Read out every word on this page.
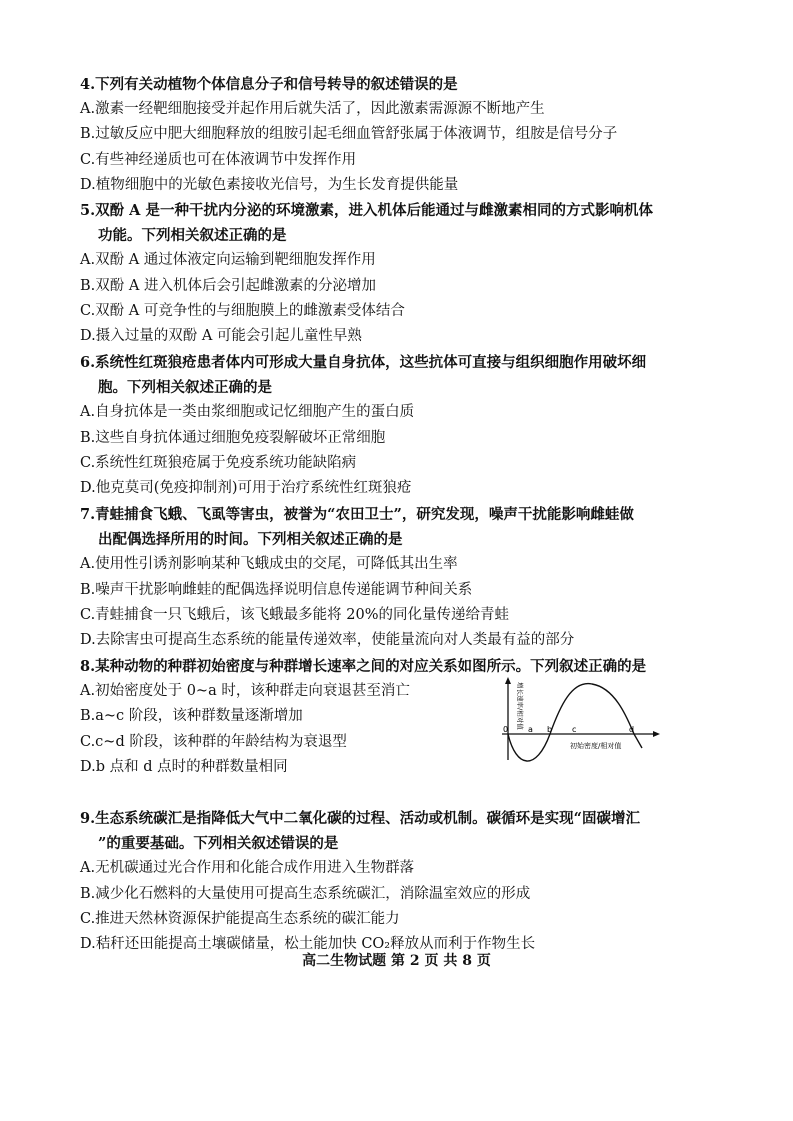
4.下列有关动植物个体信息分子和信号转导的叙述错误的是
A.激素一经靶细胞接受并起作用后就失活了，因此激素需源源不断地产生
B.过敏反应中肥大细胞释放的组胺引起毛细血管舒张属于体液调节，组胺是信号分子
C.有些神经递质也可在体液调节中发挥作用
D.植物细胞中的光敏色素接收光信号，为生长发育提供能量
5.双酚 A 是一种干扰内分泌的环境激素，进入机体后能通过与雌激素相同的方式影响机体
功能。下列相关叙述正确的是
A.双酚 A 通过体液定向运输到靶细胞发挥作用
B.双酚 A 进入机体后会引起雌激素的分泌增加
C.双酚 A 可竞争性的与细胞膜上的雌激素受体结合
D.摄入过量的双酚 A 可能会引起儿童性早熟
6.系统性红斑狼疮患者体内可形成大量自身抗体，这些抗体可直接与组织细胞作用破坏细
胞。下列相关叙述正确的是
A.自身抗体是一类由浆细胞或记忆细胞产生的蛋白质
B.这些自身抗体通过细胞免疫裂解破坏正常细胞
C.系统性红斑狼疮属于免疫系统功能缺陷病
D.他克莫司(免疫抑制剂)可用于治疗系统性红斑狼疮
7.青蛙捕食飞蛾、飞虱等害虫，被誉为“农田卫士”，研究发现，噪声干扰能影响雌蛙做
出配偶选择所用的时间。下列相关叙述正确的是
A.使用性引诱剂影响某种飞蛾成虫的交尾，可降低其出生率
B.噪声干扰影响雌蛙的配偶选择说明信息传递能调节种间关系
C.青蛙捕食一只飞蛾后，该飞蛾最多能将 20%的同化量传递给青蛙
D.去除害虫可提高生态系统的能量传递效率，使能量流向对人类最有益的部分
8.某种动物的种群初始密度与种群增长速率之间的对应关系如图所示。下列叙述正确的是
A.初始密度处于 0~a 时，该种群走向衰退甚至消亡
B.a~c 阶段，该种群数量逐渐增加
C.c~d 阶段，该种群的年龄结构为衰退型
D.b 点和 d 点时的种群数量相同
0 a b c	d
初始密度/相对值
增长速率/相对值
9.生态系统碳汇是指降低大气中二氧化碳的过程、活动或机制。碳循环是实现“固碳增汇
”的重要基础。下列相关叙述错误的是
A.无机碳通过光合作用和化能合成作用进入生物群落
B.减少化石燃料的大量使用可提高生态系统碳汇，消除温室效应的形成
C.推进天然林资源保护能提高生态系统的碳汇能力
D.秸秆还田能提高土壤碳储量，松土能加快 CO₂释放从而利于作物生长
高二生物试题 第 2 页 共 8 页
